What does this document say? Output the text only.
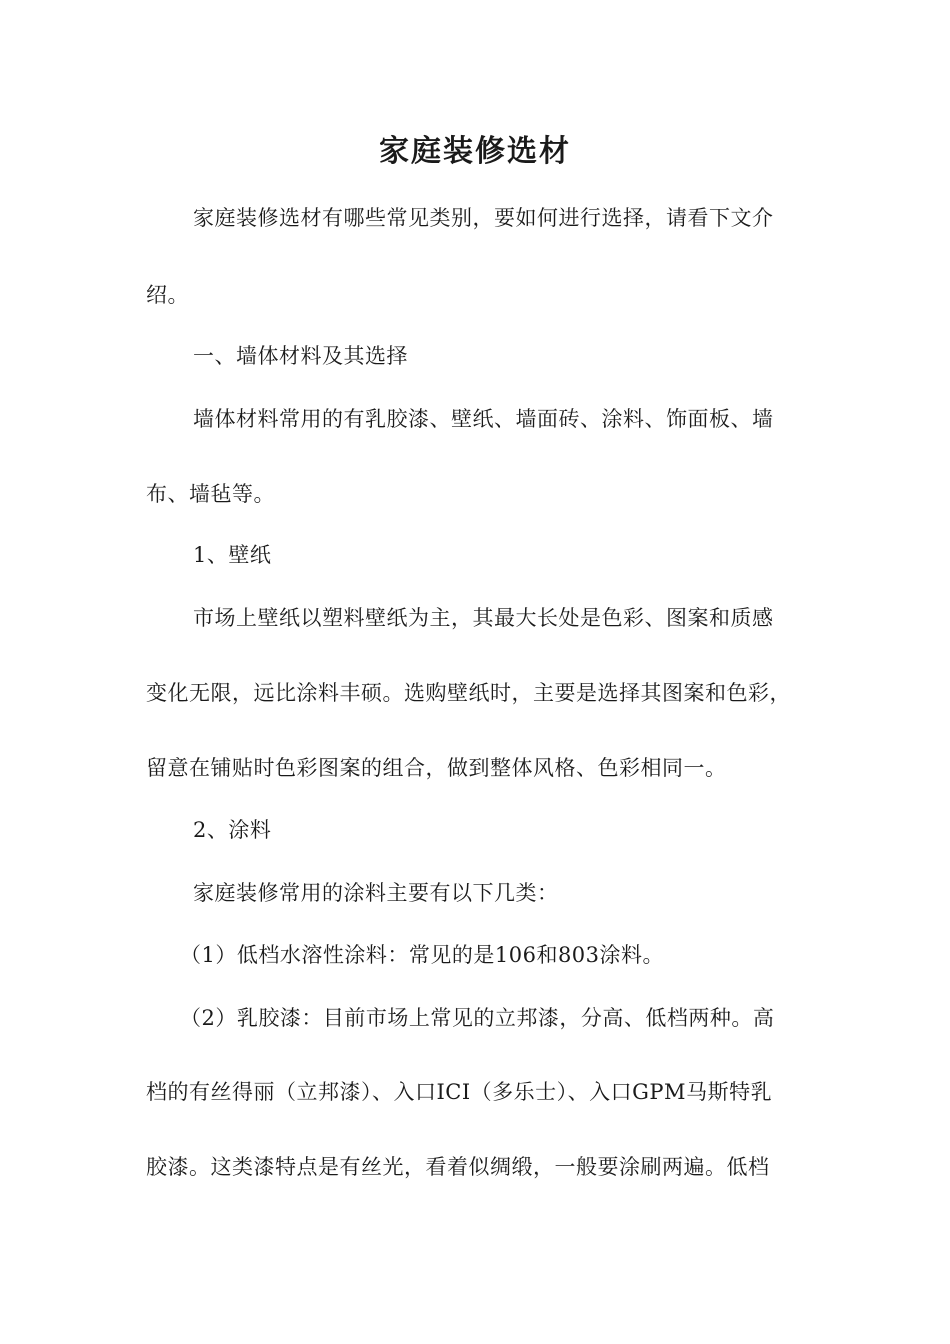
家庭装修选材
家庭装修选材有哪些常见类别，要如何进行选择，请看下文介
绍。
一、墙体材料及其选择
墙体材料常用的有乳胶漆、壁纸、墙面砖、涂料、饰面板、墙
布、墙毡等。
1、壁纸
市场上壁纸以塑料壁纸为主，其最大长处是色彩、图案和质感
变化无限，远比涂料丰硕。选购壁纸时，主要是选择其图案和色彩，
留意在铺贴时色彩图案的组合，做到整体风格、色彩相同一。
2、涂料
家庭装修常用的涂料主要有以下几类：
（1）低档水溶性涂料：常见的是106和803涂料。
（2）乳胶漆：目前市场上常见的立邦漆，分高、低档两种。高
档的有丝得丽（立邦漆）、入口ICI（多乐士）、入口GPM马斯特乳
胶漆。这类漆特点是有丝光，看着似绸缎，一般要涂刷两遍。低档
